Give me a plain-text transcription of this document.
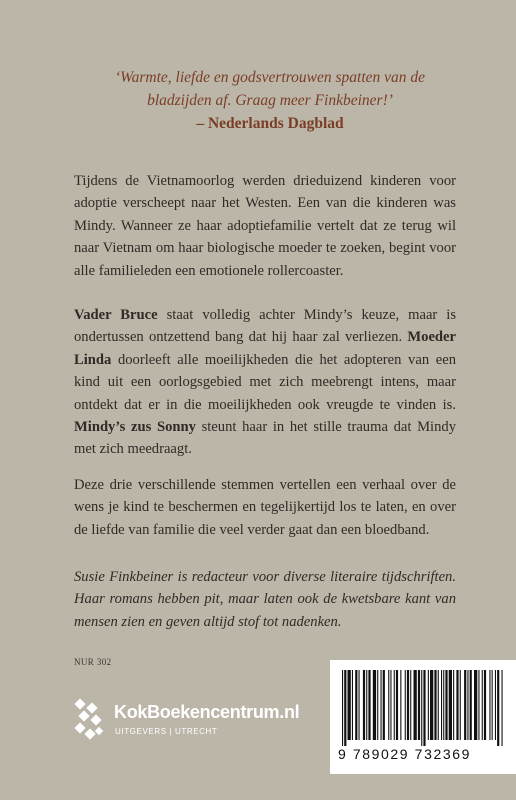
‘Warmte, liefde en godsvertrouwen spatten van de
bladzijden af. Graag meer Finkbeiner!’
– Nederlands Dagblad

Tijdens de Vietnamoorlog werden drieduizend kinderen voor adoptie verscheept naar het Westen. Een van die kinderen was Mindy. Wanneer ze haar adoptiefamilie vertelt dat ze terug wil naar Vietnam om haar biologische moeder te zoeken, begint voor alle familieleden een emotionele rollercoaster.

Vader Bruce staat volledig achter Mindy’s keuze, maar is ondertussen ontzettend bang dat hij haar zal verliezen. Moeder Linda doorleeft alle moeilijkheden die het adopteren van een kind uit een oorlogsgebied met zich meebrengt intens, maar ontdekt dat er in die moeilijkheden ook vreugde te vinden is. Mindy’s zus Sonny steunt haar in het stille trauma dat Mindy met zich meedraagt.

Deze drie verschillende stemmen vertellen een verhaal over de wens je kind te beschermen en tegelijkertijd los te laten, en over de liefde van familie die veel verder gaat dan een bloedband.

Susie Finkbeiner is redacteur voor diverse literaire tijdschriften. Haar romans hebben pit, maar laten ook de kwetsbare kant van mensen zien en geven altijd stof tot nadenken.

NUR 302
KokBoekencentrum.nl
UITGEVERS | UTRECHT
9 789029 732369
